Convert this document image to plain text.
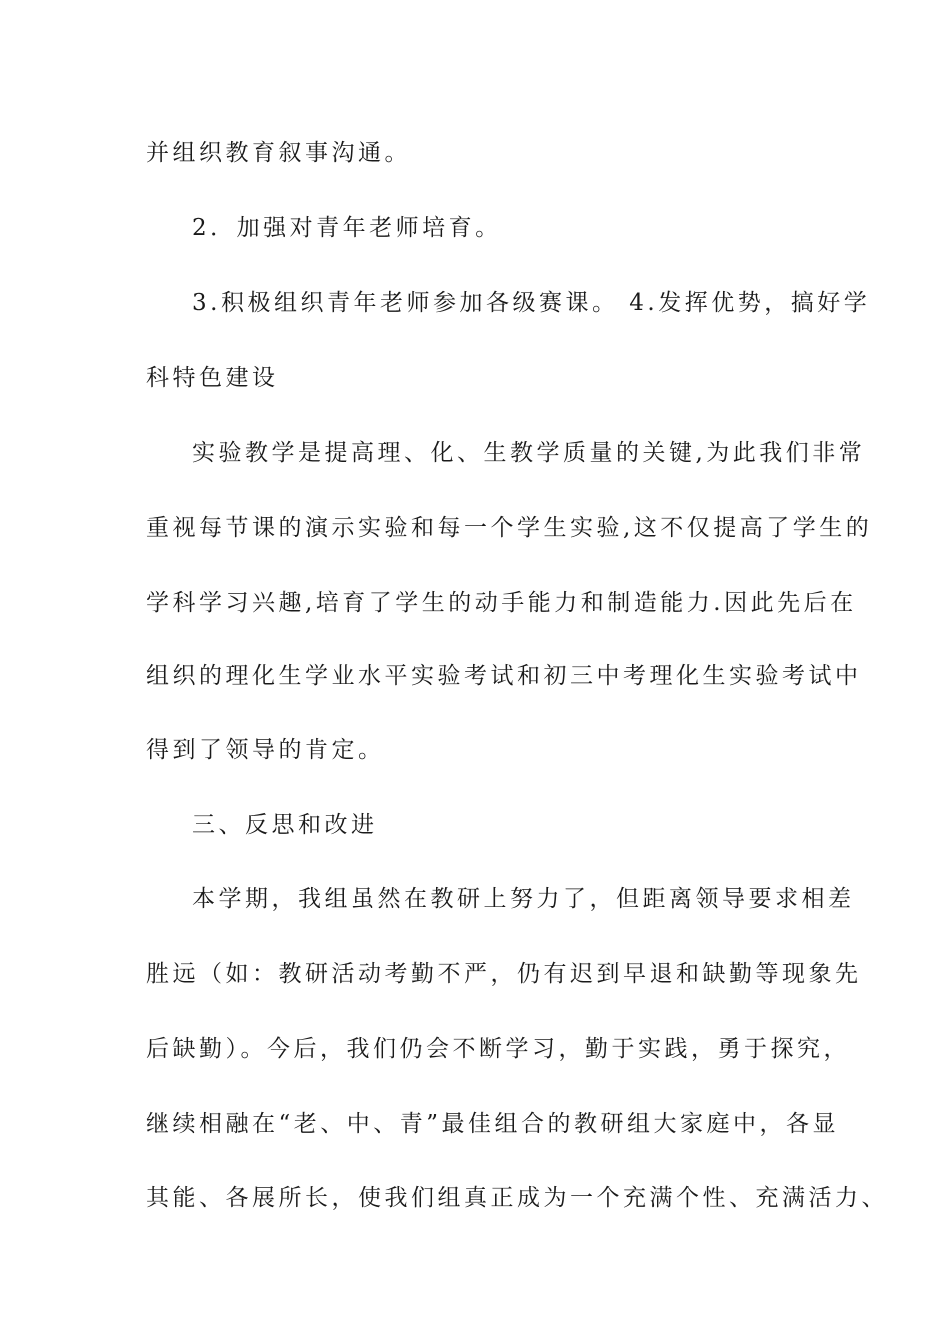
并组织教育叙事沟通。
2．加强对青年老师培育。
3.积极组织青年老师参加各级赛课。 4.发挥优势，搞好学
科特色建设
实验教学是提高理、化、生教学质量的关键,为此我们非常
重视每节课的演示实验和每一个学生实验,这不仅提高了学生的
学科学习兴趣,培育了学生的动手能力和制造能力.因此先后在
组织的理化生学业水平实验考试和初三中考理化生实验考试中
得到了领导的肯定。
三、反思和改进
本学期，我组虽然在教研上努力了，但距离领导要求相差
胜远（如：教研活动考勤不严，仍有迟到早退和缺勤等现象先
后缺勤）。今后，我们仍会不断学习，勤于实践，勇于探究，
继续相融在“老、中、青”最佳组合的教研组大家庭中，各显
其能、各展所长，使我们组真正成为一个充满个性、充满活力、
